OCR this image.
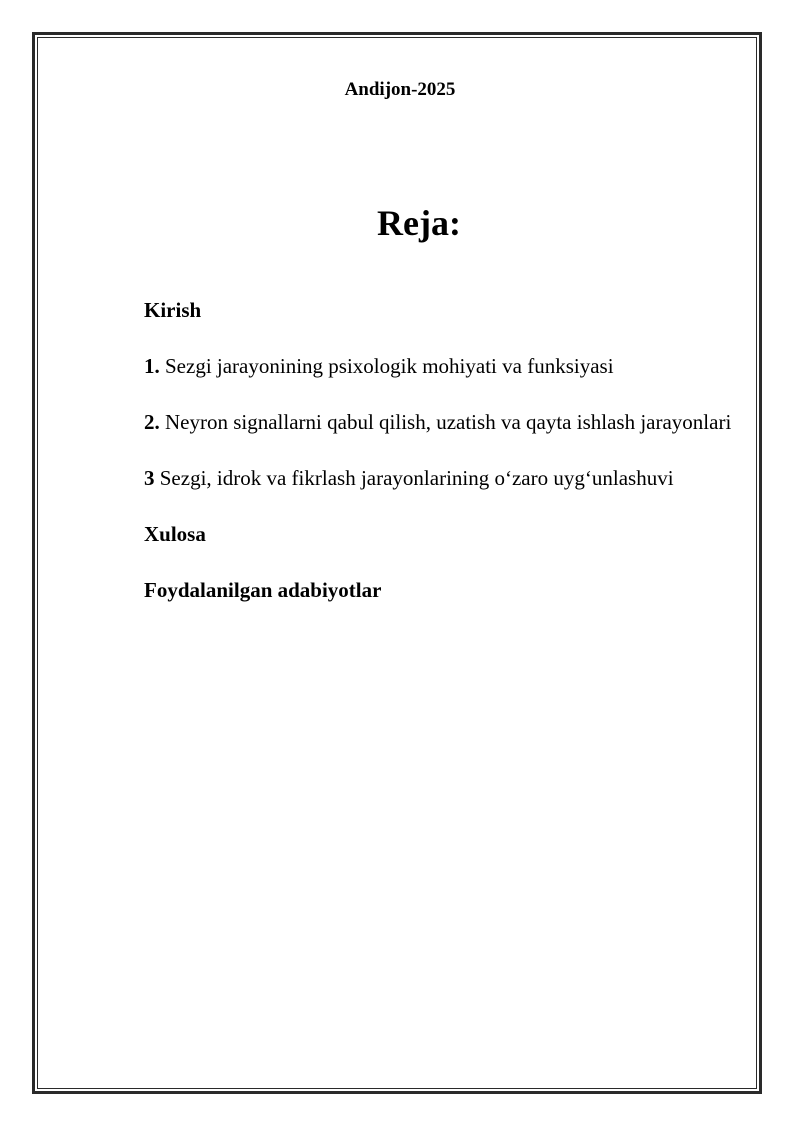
Andijon-2025
Reja:

Kirish

1. Sezgi jarayonining psixologik mohiyati va funksiyasi

2. Neyron signallarni qabul qilish, uzatish va qayta ishlash jarayonlari

3 Sezgi, idrok va fikrlash jarayonlarining o‘zaro uyg‘unlashuvi

Xulosa

Foydalanilgan adabiyotlar
